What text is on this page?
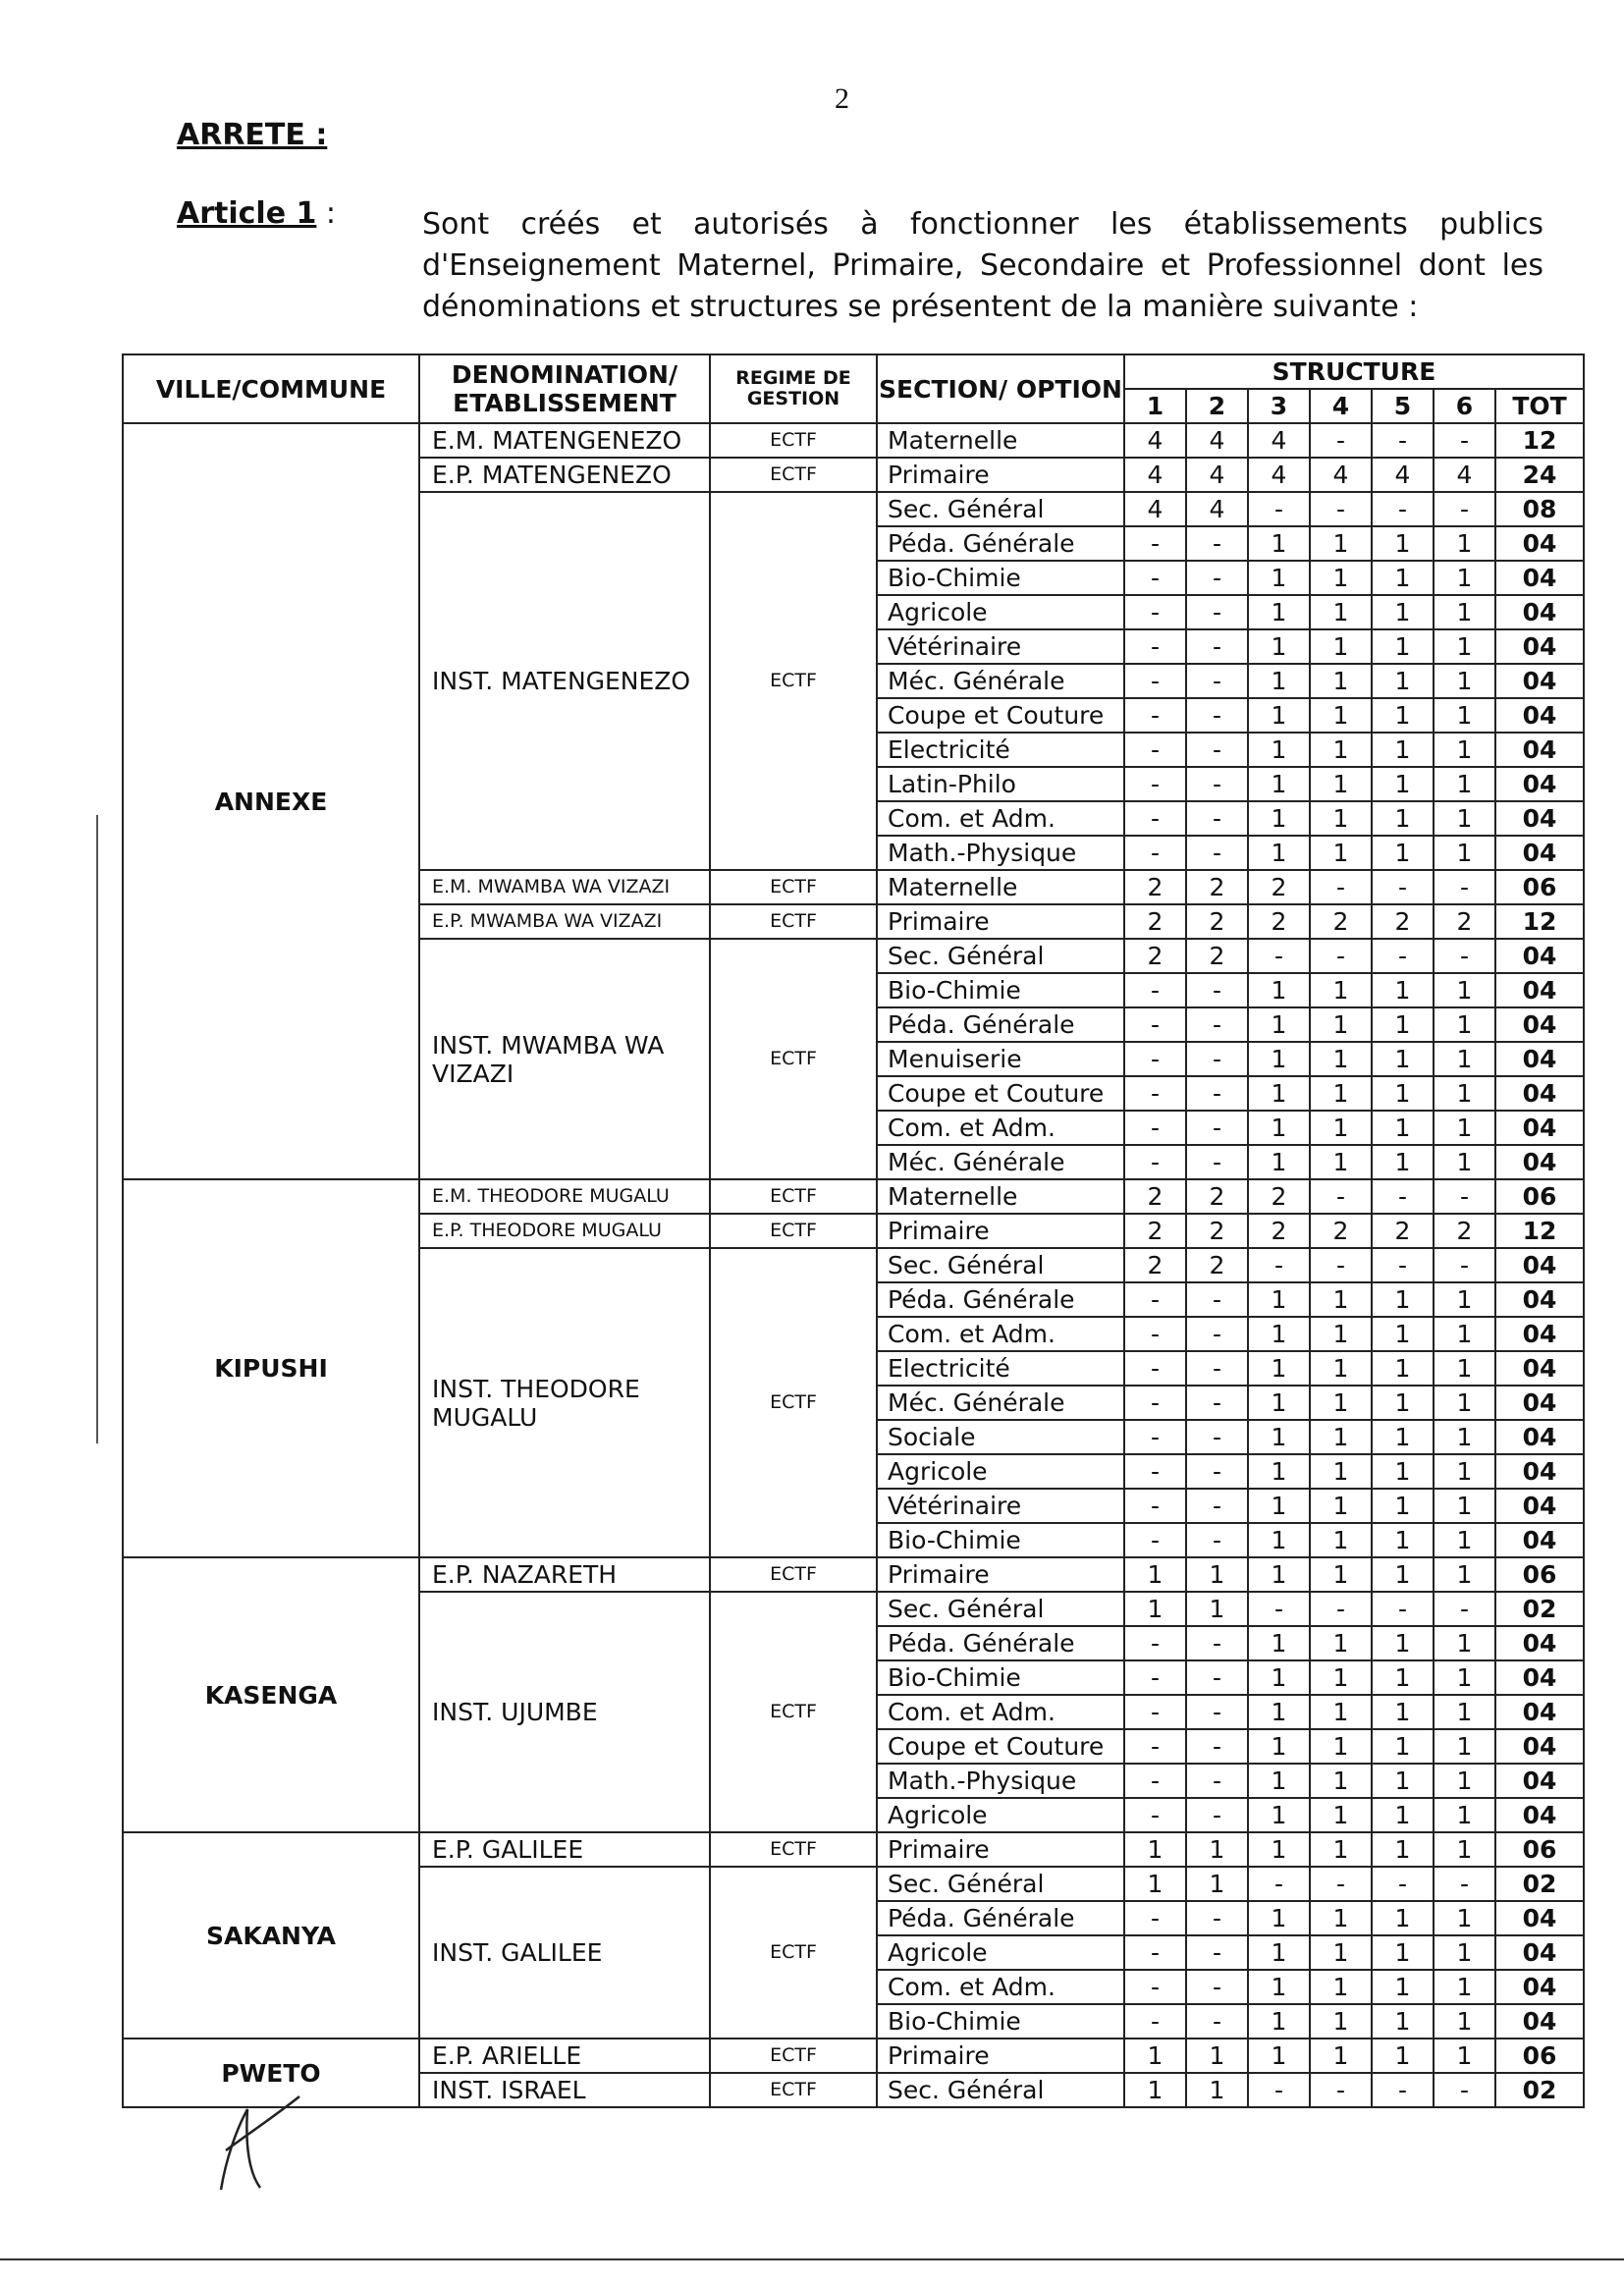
2
ARRETE :
Article 1 :	Sont créés et autorisés à fonctionner les établissements publics d'Enseignement Maternel, Primaire, Secondaire et Professionnel dont les dénominations et structures se présentent de la manière suivante :
VILLE/COMMUNE	DENOMINATION/ ETABLISSEMENT	REGIME DE GESTION	SECTION/ OPTION	STRUCTURE						
				1	2	3	4	5	6	TOT
ANNEXE	E.M. MATENGENEZO	ECTF	Maternelle	4	4	4	-	-	-	12
	E.P. MATENGENEZO	ECTF	Primaire	4	4	4	4	4	4	24
	INST. MATENGENEZO	ECTF	Sec. Général	4	4	-	-	-	-	08
			Péda. Générale	-	-	1	1	1	1	04
			Bio-Chimie	-	-	1	1	1	1	04
			Agricole	-	-	1	1	1	1	04
			Vétérinaire	-	-	1	1	1	1	04
			Méc. Générale	-	-	1	1	1	1	04
			Coupe et Couture	-	-	1	1	1	1	04
			Electricité	-	-	1	1	1	1	04
			Latin-Philo	-	-	1	1	1	1	04
			Com. et Adm.	-	-	1	1	1	1	04
			Math.-Physique	-	-	1	1	1	1	04
	E.M. MWAMBA WA VIZAZI	ECTF	Maternelle	2	2	2	-	-	-	06
	E.P. MWAMBA WA VIZAZI	ECTF	Primaire	2	2	2	2	2	2	12
	INST. MWAMBA WA VIZAZI	ECTF	Sec. Général	2	2	-	-	-	-	04
			Bio-Chimie	-	-	1	1	1	1	04
			Péda. Générale	-	-	1	1	1	1	04
			Menuiserie	-	-	1	1	1	1	04
			Coupe et Couture	-	-	1	1	1	1	04
			Com. et Adm.	-	-	1	1	1	1	04
			Méc. Générale	-	-	1	1	1	1	04
KIPUSHI	E.M. THEODORE MUGALU	ECTF	Maternelle	2	2	2	-	-	-	06
	E.P. THEODORE MUGALU	ECTF	Primaire	2	2	2	2	2	2	12
	INST. THEODORE MUGALU	ECTF	Sec. Général	2	2	-	-	-	-	04
			Péda. Générale	-	-	1	1	1	1	04
			Com. et Adm.	-	-	1	1	1	1	04
			Electricité	-	-	1	1	1	1	04
			Méc. Générale	-	-	1	1	1	1	04
			Sociale	-	-	1	1	1	1	04
			Agricole	-	-	1	1	1	1	04
			Vétérinaire	-	-	1	1	1	1	04
			Bio-Chimie	-	-	1	1	1	1	04
KASENGA	E.P. NAZARETH	ECTF	Primaire	1	1	1	1	1	1	06
	INST. UJUMBE	ECTF	Sec. Général	1	1	-	-	-	-	02
			Péda. Générale	-	-	1	1	1	1	04
			Bio-Chimie	-	-	1	1	1	1	04
			Com. et Adm.	-	-	1	1	1	1	04
			Coupe et Couture	-	-	1	1	1	1	04
			Math.-Physique	-	-	1	1	1	1	04
			Agricole	-	-	1	1	1	1	04
SAKANYA	E.P. GALILEE	ECTF	Primaire	1	1	1	1	1	1	06
	INST. GALILEE	ECTF	Sec. Général	1	1	-	-	-	-	02
			Péda. Générale	-	-	1	1	1	1	04
			Agricole	-	-	1	1	1	1	04
			Com. et Adm.	-	-	1	1	1	1	04
			Bio-Chimie	-	-	1	1	1	1	04
PWETO	E.P. ARIELLE	ECTF	Primaire	1	1	1	1	1	1	06
	INST. ISRAEL	ECTF	Sec. Général	1	1	-	-	-	-	02
